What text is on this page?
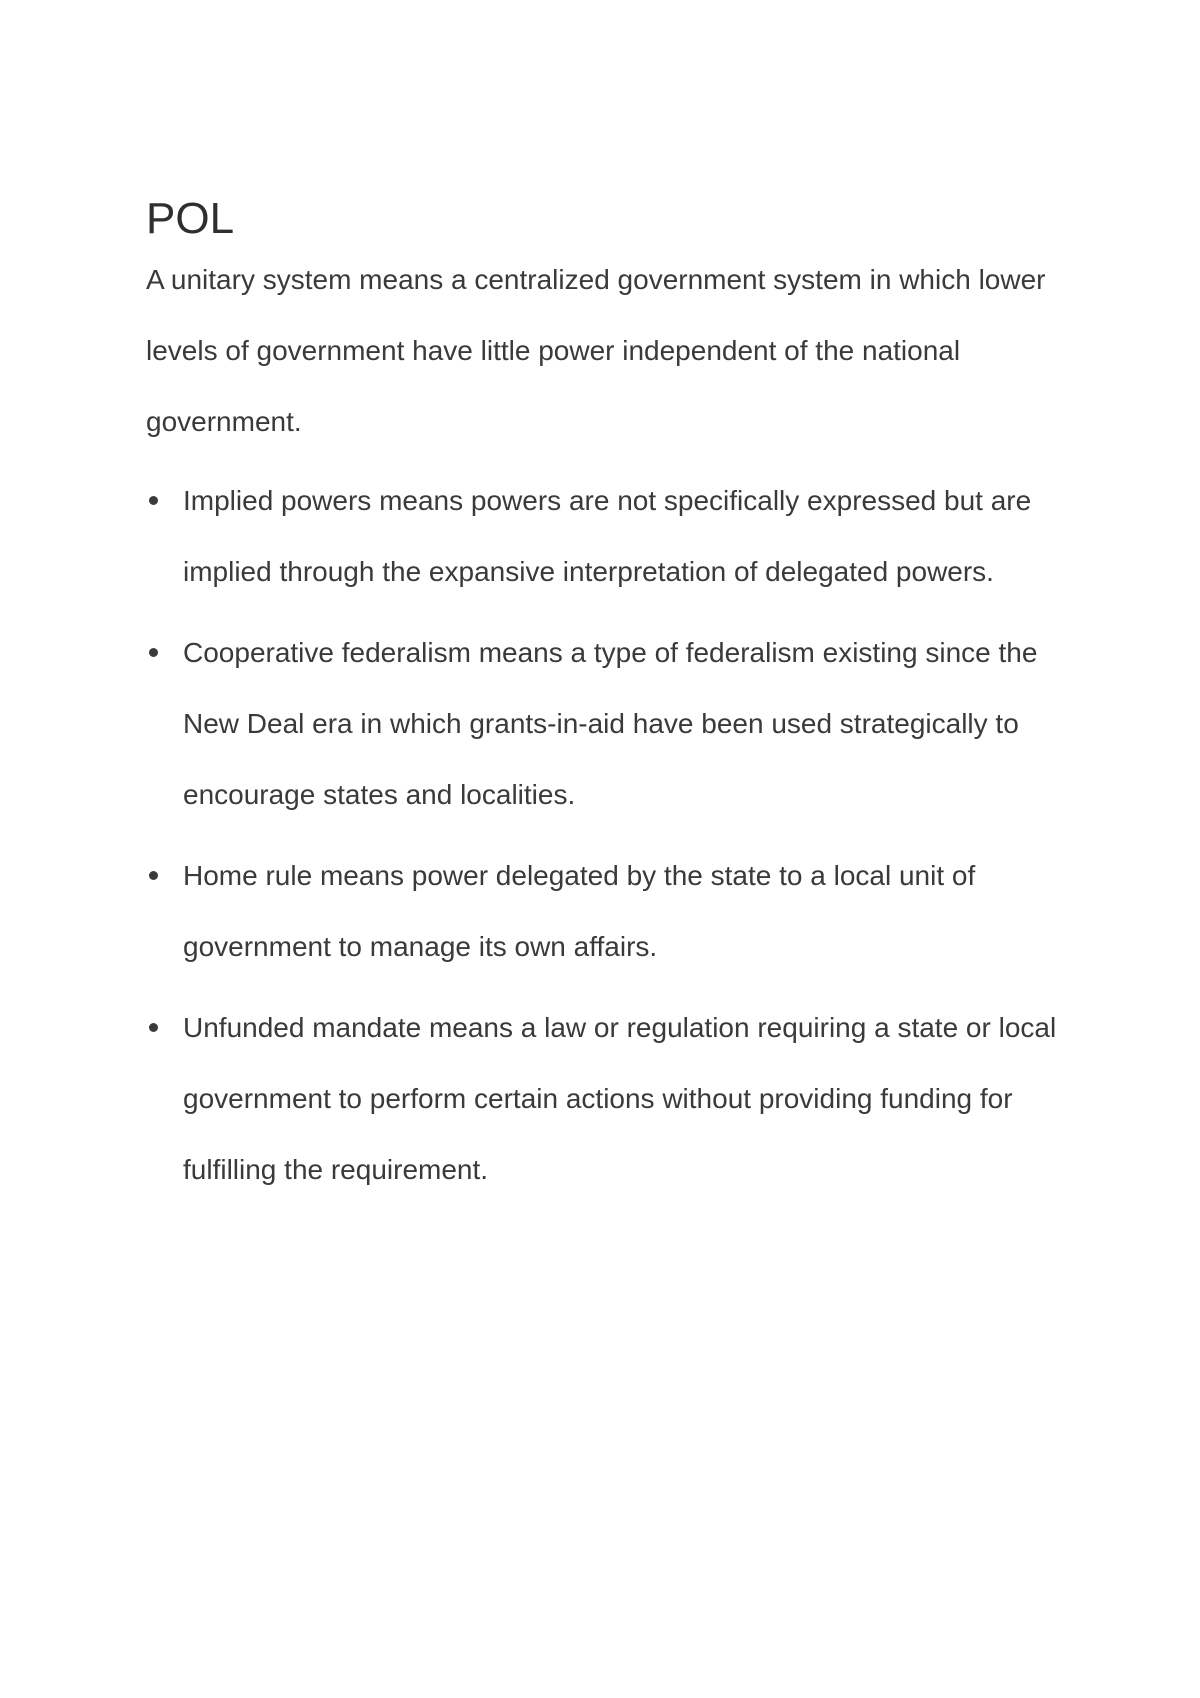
POL

A unitary system means a centralized government system in which lower levels of government have little power independent of the national government.

Implied powers means powers are not specifically expressed but are implied through the expansive interpretation of delegated powers.
Cooperative federalism means a type of federalism existing since the New Deal era in which grants-in-aid have been used strategically to encourage states and localities.
Home rule means power delegated by the state to a local unit of government to manage its own affairs.
Unfunded mandate means a law or regulation requiring a state or local government to perform certain actions without providing funding for fulfilling the requirement.
